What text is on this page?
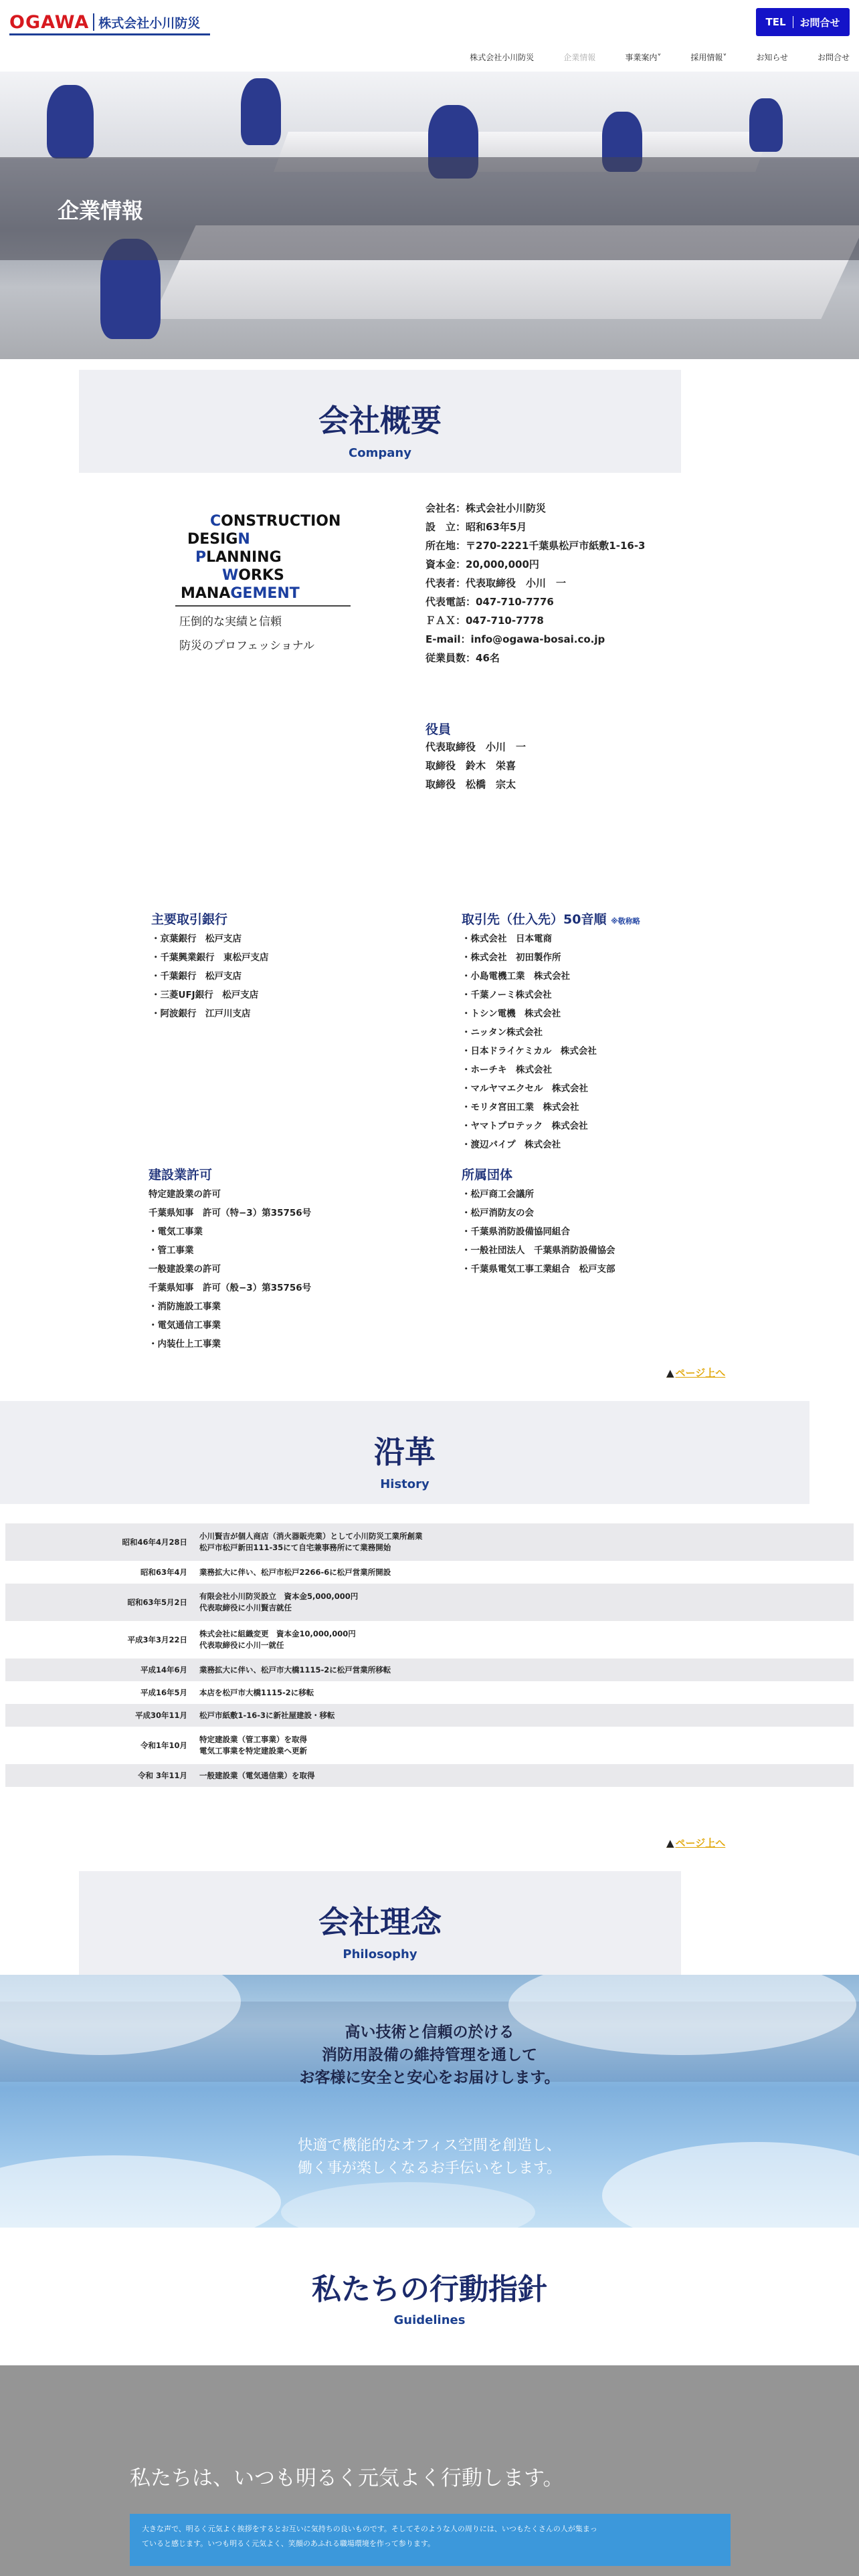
OGAWA 株式会社小川防災	TEL お問合せ
株式会社小川防災	企業情報	事業案内˅	採用情報˅	お知らせ	お問合せ
企業情報
会社概要

Company

CONSTRUCTION
DESIGN
PLANNING
WORKS
MANAGEMENT
圧倒的な実績と信頼
防災のプロフェッショナル
会社名：株式会社小川防災
設　立：昭和63年5月
所在地：〒270-2221千葉県松戸市紙敷1-16-3
資本金：20,000,000円
代表者：代表取締役　小川　一
代表電話：047-710-7776
ＦＡＸ：047-710-7778
E-mail：info@ogawa-bosai.co.jp
従業員数：46名
役員
代表取締役　小川　一
取締役　鈴木　栄喜
取締役　松橋　宗太
主要取引銀行
・京葉銀行　松戸支店
・千葉興業銀行　東松戸支店
・千葉銀行　松戸支店
・三菱UFJ銀行　松戸支店
・阿波銀行　江戸川支店
取引先（仕入先）50音順 ※敬称略
・株式会社　日本電商
・株式会社　初田製作所
・小島電機工業　株式会社
・千葉ノーミ株式会社
・トシン電機　株式会社
・ニッタン株式会社
・日本ドライケミカル　株式会社
・ホーチキ　株式会社
・マルヤマエクセル　株式会社
・モリタ宮田工業　株式会社
・ヤマトプロテック　株式会社
・渡辺パイプ　株式会社
建設業許可
特定建設業の許可
千葉県知事　許可（特−3）第35756号
・電気工事業
・管工事業
一般建設業の許可
千葉県知事　許可（般−3）第35756号
・消防施設工事業
・電気通信工事業
・内装仕上工事業
所属団体
・松戸商工会議所
・松戸消防友の会
・千葉県消防設備協同組合
・一般社団法人　千葉県消防設備協会
・千葉県電気工事工業組合　松戸支部
▲ ページ上へ
沿革

History

昭和46年4月28日
小川賢吉が個人商店（消火器販売業）として小川防災工業所創業
松戸市松戸新田111-35にて自宅兼事務所にて業務開始
昭和63年4月	業務拡大に伴い、松戸市松戸2266-6に松戸営業所開設
昭和63年5月2日
有限会社小川防災設立　資本金5,000,000円
代表取締役に小川賢吉就任
平成3年3月22日
株式会社に組織変更　資本金10,000,000円
代表取締役に小川一就任
平成14年6月	業務拡大に伴い、松戸市大橋1115-2に松戸営業所移転
平成16年5月	本店を松戸市大橋1115-2に移転
平成30年11月	松戸市紙敷1-16-3に新社屋建設・移転
令和1年10月
特定建設業（管工事業）を取得
電気工事業を特定建設業へ更新
令和 3年11月	一般建設業（電気通信業）を取得
▲ ページ上へ
会社理念

Philosophy

高い技術と信頼の於ける
消防用設備の維持管理を通して
お客様に安全と安心をお届けします。
快適で機能的なオフィス空間を創造し、
働く事が楽しくなるお手伝いをします。
私たちの行動指針

Guidelines

私たちは、いつも明るく元気よく行動します。
大きな声で、明るく元気よく挨拶をするとお互いに気持ちの良いものです。そしてそのような人の周りには、いつもたくさんの人が集まっ
ていると感じます。いつも明るく元気よく、笑顔のあふれる職場環境を作って参ります。
